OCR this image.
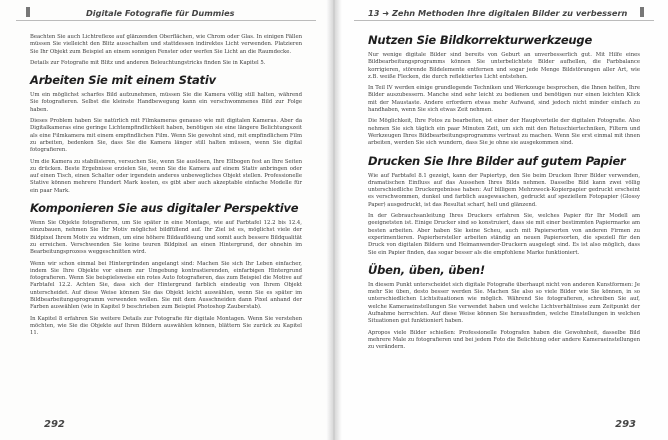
Digitale Fotografie für Dummies

Beachten Sie auch Lichtreflexe auf glänzenden Oberflächen, wie Chrom oder Glas. In einigen Fällen müssen Sie vielleicht den Blitz ausschalten und stattdessen indirektes Licht verwenden. Platzieren Sie Ihr Objekt zum Beispiel an einem sonnigen Fenster oder werfen Sie Licht an die Raumdecke.

Details zur Fotografie mit Blitz und anderen Beleuchtungstricks finden Sie in Kapitel 5.

Arbeiten Sie mit einem Stativ

Um ein möglichst scharfes Bild aufzunehmen, müssen Sie die Kamera völlig still halten, während Sie fotografieren. Selbst die kleinste Handbewegung kann ein verschwommenes Bild zur Folge haben.

Dieses Problem haben Sie natürlich mit Filmkameras genauso wie mit digitalen Kameras. Aber da Digitalkameras eine geringe Lichtempfindlichkeit haben, benötigen sie eine längere Belichtungszeit als eine Filmkamera mit einem empfindlichen Film. Wenn Sie gewohnt sind, mit empfindlichem Film zu arbeiten, bedenken Sie, dass Sie die Kamera länger still halten müssen, wenn Sie digital fotografieren.

Um die Kamera zu stabilisieren, versuchen Sie, wenn Sie auslösen, Ihre Ellbogen fest an Ihre Seiten zu drücken. Beste Ergebnisse erzielen Sie, wenn Sie die Kamera auf einem Stativ anbringen oder auf einen Tisch, einen Schalter oder irgendein anderes unbewegliches Objekt stellen. Professionelle Stative können mehrere Hundert Mark kosten, es gibt aber auch akzeptable einfache Modelle für ein paar Mark.

Komponieren Sie aus digitaler Perspektive

Wenn Sie Objekte fotografieren, um Sie später in eine Montage, wie auf Farbtafel 12.2 bis 12.4, einzubauen, nehmen Sie Ihr Motiv möglichst bildfüllend auf. Ihr Ziel ist es, möglichst viele der Bildpixel Ihrem Motiv zu widmen, um eine höhere Bildauflösung und somit auch bessere Bildqualität zu erreichen. Verschwenden Sie keine teuren Bildpixel an einen Hintergrund, der ohnehin im Bearbeitungsprozess weggeschnitten wird.

Wenn wir schon einmal bei Hintergründen angelangt sind: Machen Sie sich Ihr Leben einfacher, indem Sie Ihre Objekte vor einem zur Umgebung kontrastierenden, einfarbigen Hintergrund fotografieren. Wenn Sie beispielsweise ein rotes Auto fotografieren, das zum Beispiel die Motive auf Farbtafel 12.2. Achten Sie, dass sich der Hintergrund farblich eindeutig von Ihrem Objekt unterscheidet. Auf diese Weise können Sie das Objekt leicht auswählen, wenn Sie es später im Bildbearbeitungsprogramm verwenden wollen. Sie mit dem Ausschneiden dann Pixel anhand der Farben auswählen (wie in Kapitel 9 beschrieben zum Beispiel Photoshop Zauberstab).

In Kapitel 8 erfahren Sie weitere Details zur Fotografie für digitale Montagen. Wenn Sie verstehen möchten, wie Sie die Objekte auf Ihren Bildern auswählen können, blättern Sie zurück zu Kapitel 11.

292
13 ➜ Zehn Methoden Ihre digitalen Bilder zu verbessern
Nutzen Sie Bildkorrekturwerkzeuge

Nur wenige digitale Bilder sind bereits von Geburt an unverbesserlich gut. Mit Hilfe eines Bildbearbeitungsprogramms können Sie unterbelichtete Bilder aufhellen, die Farbbalance korrigieren, störende Bildelemente entfernen und sogar jede Menge Bildstörungen aller Art, wie z.B. weiße Flecken, die durch reflektiertes Licht entstehen.

In Teil IV werden einige grundlegende Techniken und Werkzeuge besprochen, die Ihnen helfen, Ihre Bilder auszubessern. Manche sind sehr leicht zu bedienen und benötigen nur einen leichten Klick mit der Maustaste. Andere erfordern etwas mehr Aufwand, sind jedoch nicht minder einfach zu handhaben, wenn Sie sich etwas Zeit nehmen.

Die Möglichkeit, Ihre Fotos zu bearbeiten, ist einer der Hauptvorteile der digitalen Fotografie. Also nehmen Sie sich täglich ein paar Minuten Zeit, um sich mit den Retuschiertechniken, Filtern und Werkzeugen Ihres Bildbearbeitungsprogramms vertraut zu machen. Wenn Sie erst einmal mit ihnen arbeiten, werden Sie sich wundern, dass Sie je ohne sie ausgekommen sind.

Drucken Sie Ihre Bilder auf gutem Papier

Wie auf Farbtafel 8.1 gezeigt, kann der Papiertyp, den Sie beim Drucken Ihrer Bilder verwenden, dramatischen Einfluss auf das Aussehen Ihres Bilds nehmen. Dasselbe Bild kann zwei völlig unterschiedliche Druckergebnisse haben: Auf billigem Mehrzweck-Kopierpapier gedruckt erscheint es verschwommen, dunkel und farblich ausgewaschen, gedruckt auf speziellem Fotopapier (Glossy Paper) ausgedruckt, ist das Resultat scharf, hell und glänzend.

In der Gebrauchsanleitung Ihres Druckers erfahren Sie, welches Papier für Ihr Modell am geeignetsten ist. Einige Drucker sind so konstruiert, dass sie mit einer bestimmten Papiermarke am besten arbeiten. Aber haben Sie keine Scheu, auch mit Papiersorten von anderen Firmen zu experimentieren. Papierhersteller arbeiten ständig an neuen Papiersorten, die speziell für den Druck von digitalen Bildern und Heimanwender-Druckern ausgelegt sind. Es ist also möglich, dass Sie ein Papier finden, das sogar besser als die empfohlene Marke funktioniert.

Üben, üben, üben!

In diesem Punkt unterscheidet sich digitale Fotografie überhaupt nicht von anderen Kunstformen: Je mehr Sie üben, desto besser werden Sie. Machen Sie also so viele Bilder wie Sie können, in so unterschiedlichen Lichtsituationen wie möglich. Während Sie fotografieren, schreiben Sie auf, welche Kameraeinstellungen Sie verwendet haben und welche Lichtverhältnisse zum Zeitpunkt der Aufnahme herrschten. Auf diese Weise können Sie herausfinden, welche Einstellungen in welchen Situationen gut funktioniert haben.

Apropos viele Bilder schießen: Professionelle Fotografen haben die Gewohnheit, dasselbe Bild mehrere Male zu fotografieren und bei jedem Foto die Belichtung oder andere Kameraeinstellungen zu verändern.

293
